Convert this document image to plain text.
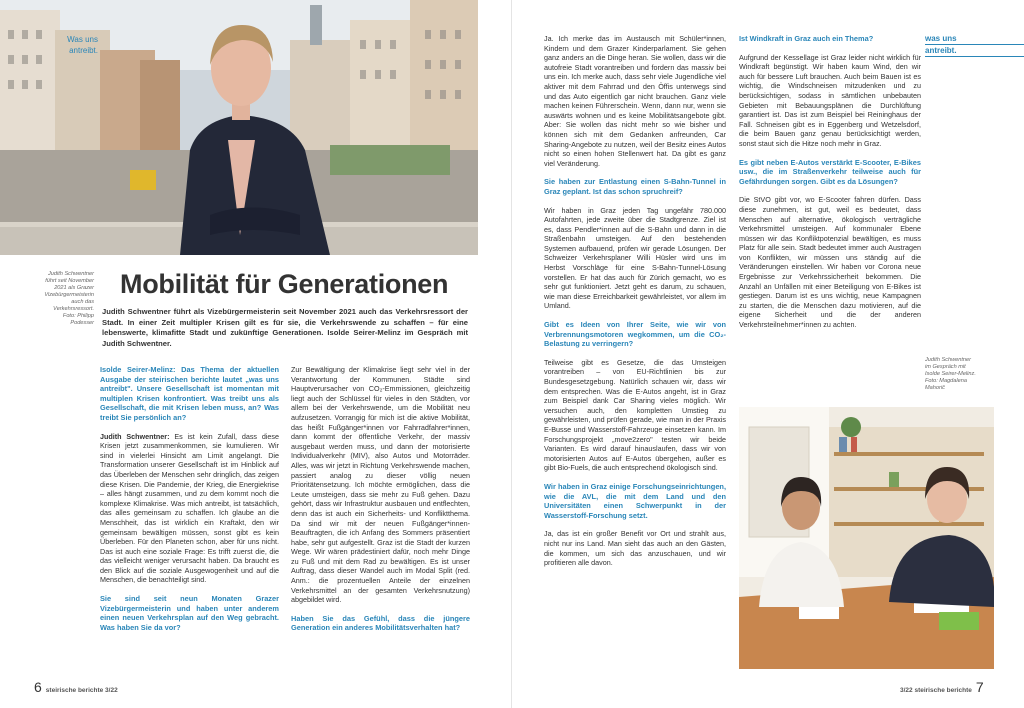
Was uns
antreibt.
Judith Schwentner
führt seit November
2021 als Grazer
Vizebürgermeisterin
auch das
Verkehrsressort.
Foto: Philipp
Podesser
Mobilität für Generationen
Judith Schwentner führt als Vizebürgermeisterin seit November 2021 auch das Verkehrsressort der Stadt. In einer Zeit multipler Krisen gilt es für sie, die Verkehrswende zu schaffen – für eine lebenswerte, klimafitte Stadt und zukünftige Generationen. Isolde Seirer-Melinz im Gespräch mit Judith Schwentner.

Isolde Seirer-Melinz: Das Thema der aktuellen Ausgabe der steirischen berichte lautet „was uns antreibt". Unsere Gesellschaft ist momentan mit multiplen Krisen konfrontiert. Was treibt uns als Gesellschaft, die mit Krisen leben muss, an? Was treibt Sie persönlich an?

Judith Schwentner: Es ist kein Zufall, dass diese Krisen jetzt zusammenkommen, sie kumulieren. Wir sind in vielerlei Hinsicht am Limit angelangt. Die Transformation unserer Gesellschaft ist im Hinblick auf das Überleben der Menschen sehr dringlich, das zeigen diese Krisen. Die Pandemie, der Krieg, die Energiekrise – alles hängt zusammen, und zu dem kommt noch die komplexe Klimakrise. Was mich antreibt, ist tatsächlich, das alles gemeinsam zu schaffen. Ich glaube an die Menschheit, das ist wirklich ein Kraftakt, den wir gemeinsam bewältigen müssen, sonst gibt es kein Überleben. Für den Planeten schon, aber für uns nicht. Das ist auch eine soziale Frage: Es trifft zuerst die, die das vielleicht weniger verursacht haben. Da braucht es den Blick auf die soziale Ausgewogenheit und auf die Menschen, die benachteiligt sind.

Sie sind seit neun Monaten Grazer Vizebürgermeisterin und haben unter anderem einen neuen Verkehrsplan auf den Weg gebracht. Was haben Sie da vor?

Zur Bewältigung der Klimakrise liegt sehr viel in der Verantwortung der Kommunen. Städte sind Hauptverursacher von CO₂-Emmissionen, gleichzeitig liegt auch der Schlüssel für vieles in den Städten, vor allem bei der Verkehrswende, um die Mobilität neu aufzusetzen. Vorrangig für mich ist die aktive Mobilität, das heißt Fußgänger*innen vor Fahrradfahrer*innen, dann kommt der öffentliche Verkehr, der massiv ausgebaut werden muss, und dann der motorisierte Individualverkehr (MIV), also Autos und Motorräder. Alles, was wir jetzt in Richtung Verkehrswende machen, passiert analog zu dieser völlig neuen Prioritätensetzung. Ich möchte ermöglichen, dass die Leute umsteigen, dass sie mehr zu Fuß gehen. Dazu gehört, dass wir Infrastruktur ausbauen und entflechten, denn das ist auch ein Sicherheits- und Konfliktthema. Da sind wir mit der neuen Fußgänger*innen-Beauftragten, die ich Anfang des Sommers präsentiert habe, sehr gut aufgestellt. Graz ist die Stadt der kurzen Wege. Wir wären prädestiniert dafür, noch mehr Dinge zu Fuß und mit dem Rad zu bewältigen. Es ist unser Auftrag, dass dieser Wandel auch im Modal Split (red. Anm.: die prozentuellen Anteile der einzelnen Verkehrsmittel an der gesamten Verkehrsnutzung) abgebildet wird.

Haben Sie das Gefühl, dass die jüngere Generation ein anderes Mobilitätsverhalten hat?

6 steirische berichte 3/22
was uns
antreibt.

Ja. Ich merke das im Austausch mit Schüler*innen, Kindern und dem Grazer Kinderparlament. Sie gehen ganz anders an die Dinge heran. Sie wollen, dass wir die autofreie Stadt vorantreiben und fordern das massiv bei uns ein. Ich merke auch, dass sehr viele Jugendliche viel aktiver mit dem Fahrrad und den Öffis unterwegs sind und das Auto eigentlich gar nicht brauchen. Ganz viele machen keinen Führerschein. Wenn, dann nur, wenn sie auswärts wohnen und es keine Mobilitätsangebote gibt. Aber: Sie wollen das nicht mehr so wie bisher und können sich mit dem Gedanken anfreunden, Car Sharing-Angebote zu nutzen, weil der Besitz eines Autos nicht so einen hohen Stellenwert hat. Da gibt es ganz viel Veränderung.

Sie haben zur Entlastung einen S-Bahn-Tunnel in Graz geplant. Ist das schon spruchreif?

Wir haben in Graz jeden Tag ungefähr 780.000 Autofahrten, jede zweite über die Stadtgrenze. Ziel ist es, dass Pendler*innen auf die S-Bahn und dann in die Straßenbahn umsteigen. Auf den bestehenden Systemen aufbauend, prüfen wir gerade Lösungen. Der Schweizer Verkehrsplaner Willi Hüsler wird uns im Herbst Vorschläge für eine S-Bahn-Tunnel-Lösung vorstellen. Er hat das auch für Zürich gemacht, wo es sehr gut funktioniert. Jetzt geht es darum, zu schauen, wie man diese Erreichbarkeit gewährleistet, vor allem im Umland.

Gibt es Ideen von Ihrer Seite, wie wir von Verbrennungsmotoren wegkommen, um die CO₂-Belastung zu verringern?

Teilweise gibt es Gesetze, die das Umsteigen vorantreiben – von EU-Richtlinien bis zur Bundesgesetzgebung. Natürlich schauen wir, dass wir dem entsprechen. Was die E-Autos angeht, ist in Graz zum Beispiel dank Car Sharing vieles möglich. Wir versuchen auch, den kompletten Umstieg zu gewährleisten, und prüfen gerade, wie man in der Praxis E-Busse und Wasserstoff-Fahrzeuge einsetzen kann. Im Forschungsprojekt „move2zero" testen wir beide Varianten. Es wird darauf hinauslaufen, dass wir von motorisierten Autos auf E-Autos übergehen, außer es gibt Bio-Fuels, die auch entsprechend ökologisch sind.

Wir haben in Graz einige Forschungseinrichtungen, wie die AVL, die mit dem Land und den Universitäten einen Schwerpunkt in der Wasserstoff-Forschung setzt.

Ja, das ist ein großer Benefit vor Ort und strahlt aus, nicht nur ins Land. Man sieht das auch an den Gästen, die kommen, um sich das anzuschauen, und wir profitieren alle davon.

Ist Windkraft in Graz auch ein Thema?

Aufgrund der Kessellage ist Graz leider nicht wirklich für Windkraft begünstigt. Wir haben kaum Wind, den wir auch für bessere Luft brauchen. Auch beim Bauen ist es wichtig, die Windschneisen mitzudenken und zu berücksichtigen, sodass in sämtlichen unbebauten Gebieten mit Bebauungsplänen die Durchlüftung garantiert ist. Das ist zum Beispiel bei Reininghaus der Fall. Schneisen gibt es in Eggenberg und Wetzelsdorf, die beim Bauen ganz genau berücksichtigt werden, sonst staut sich die Hitze noch mehr in Graz.

Es gibt neben E-Autos verstärkt E-Scooter, E-Bikes usw., die im Straßenverkehr teilweise auch für Gefährdungen sorgen. Gibt es da Lösungen?

Die StVO gibt vor, wo E-Scooter fahren dürfen. Dass diese zunehmen, ist gut, weil es bedeutet, dass Menschen auf alternative, ökologisch verträgliche Verkehrsmittel umsteigen. Auf kommunaler Ebene müssen wir das Konfliktpotenzial bewältigen, es muss Platz für alle sein. Stadt bedeutet immer auch Austragen von Konflikten, wir müssen uns ständig auf die Veränderungen einstellen. Wir haben vor Corona neue Ergebnisse zur Verkehrssicherheit bekommen. Die Anzahl an Unfällen mit einer Beteiligung von E-Bikes ist gestiegen. Darum ist es uns wichtig, neue Kampagnen zu starten, die die Menschen dazu motivieren, auf die eigene Sicherheit und die der anderen Verkehrsteilnehmer*innen zu achten.

Judith Schwentner
im Gespräch mit
Isolde Seirer-Melinz.
Foto: Magdalena
Mahorič
3/22 steirische berichte 7
